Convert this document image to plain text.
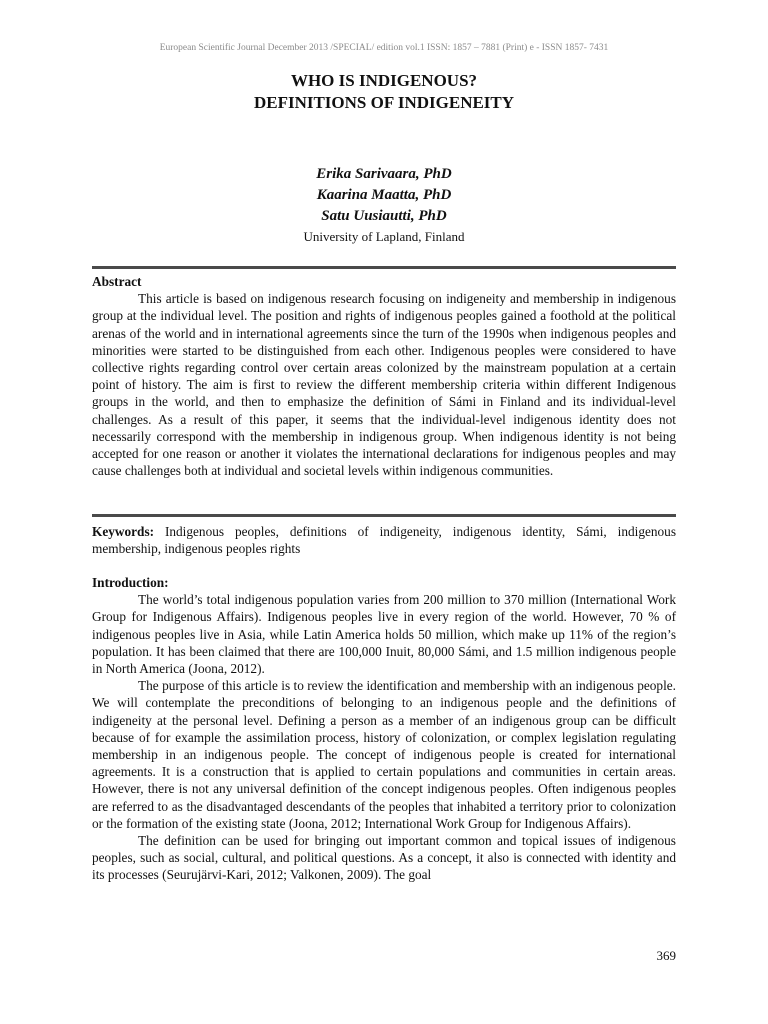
European Scientific Journal December 2013 /SPECIAL/ edition vol.1 ISSN: 1857 – 7881 (Print) e - ISSN 1857- 7431
WHO IS INDIGENOUS?
DEFINITIONS OF INDIGENEITY
Erika Sarivaara, PhD
Kaarina Maatta, PhD
Satu Uusiautti, PhD
University of Lapland, Finland
Abstract

This article is based on indigenous research focusing on indigeneity and membership in indigenous group at the individual level. The position and rights of indigenous peoples gained a foothold at the political arenas of the world and in international agreements since the turn of the 1990s when indigenous peoples and minorities were started to be distinguished from each other. Indigenous peoples were considered to have collective rights regarding control over certain areas colonized by the mainstream population at a certain point of history. The aim is first to review the different membership criteria within different Indigenous groups in the world, and then to emphasize the definition of Sámi in Finland and its individual-level challenges. As a result of this paper, it seems that the individual-level indigenous identity does not necessarily correspond with the membership in indigenous group. When indigenous identity is not being accepted for one reason or another it violates the international declarations for indigenous peoples and may cause challenges both at individual and societal levels within indigenous communities.

Keywords: Indigenous peoples, definitions of indigeneity, indigenous identity, Sámi, indigenous membership, indigenous peoples rights

Introduction:

The world’s total indigenous population varies from 200 million to 370 million (International Work Group for Indigenous Affairs). Indigenous peoples live in every region of the world. However, 70 % of indigenous peoples live in Asia, while Latin America holds 50 million, which make up 11% of the region’s population. It has been claimed that there are 100,000 Inuit, 80,000 Sámi, and 1.5 million indigenous people in North America (Joona, 2012).

The purpose of this article is to review the identification and membership with an indigenous people. We will contemplate the preconditions of belonging to an indigenous people and the definitions of indigeneity at the personal level. Defining a person as a member of an indigenous group can be difficult because of for example the assimilation process, history of colonization, or complex legislation regulating membership in an indigenous people. The concept of indigenous people is created for international agreements. It is a construction that is applied to certain populations and communities in certain areas. However, there is not any universal definition of the concept indigenous peoples. Often indigenous peoples are referred to as the disadvantaged descendants of the peoples that inhabited a territory prior to colonization or the formation of the existing state (Joona, 2012; International Work Group for Indigenous Affairs).

The definition can be used for bringing out important common and topical issues of indigenous peoples, such as social, cultural, and political questions. As a concept, it also is connected with identity and its processes (Seurujärvi-Kari, 2012; Valkonen, 2009). The goal

369
